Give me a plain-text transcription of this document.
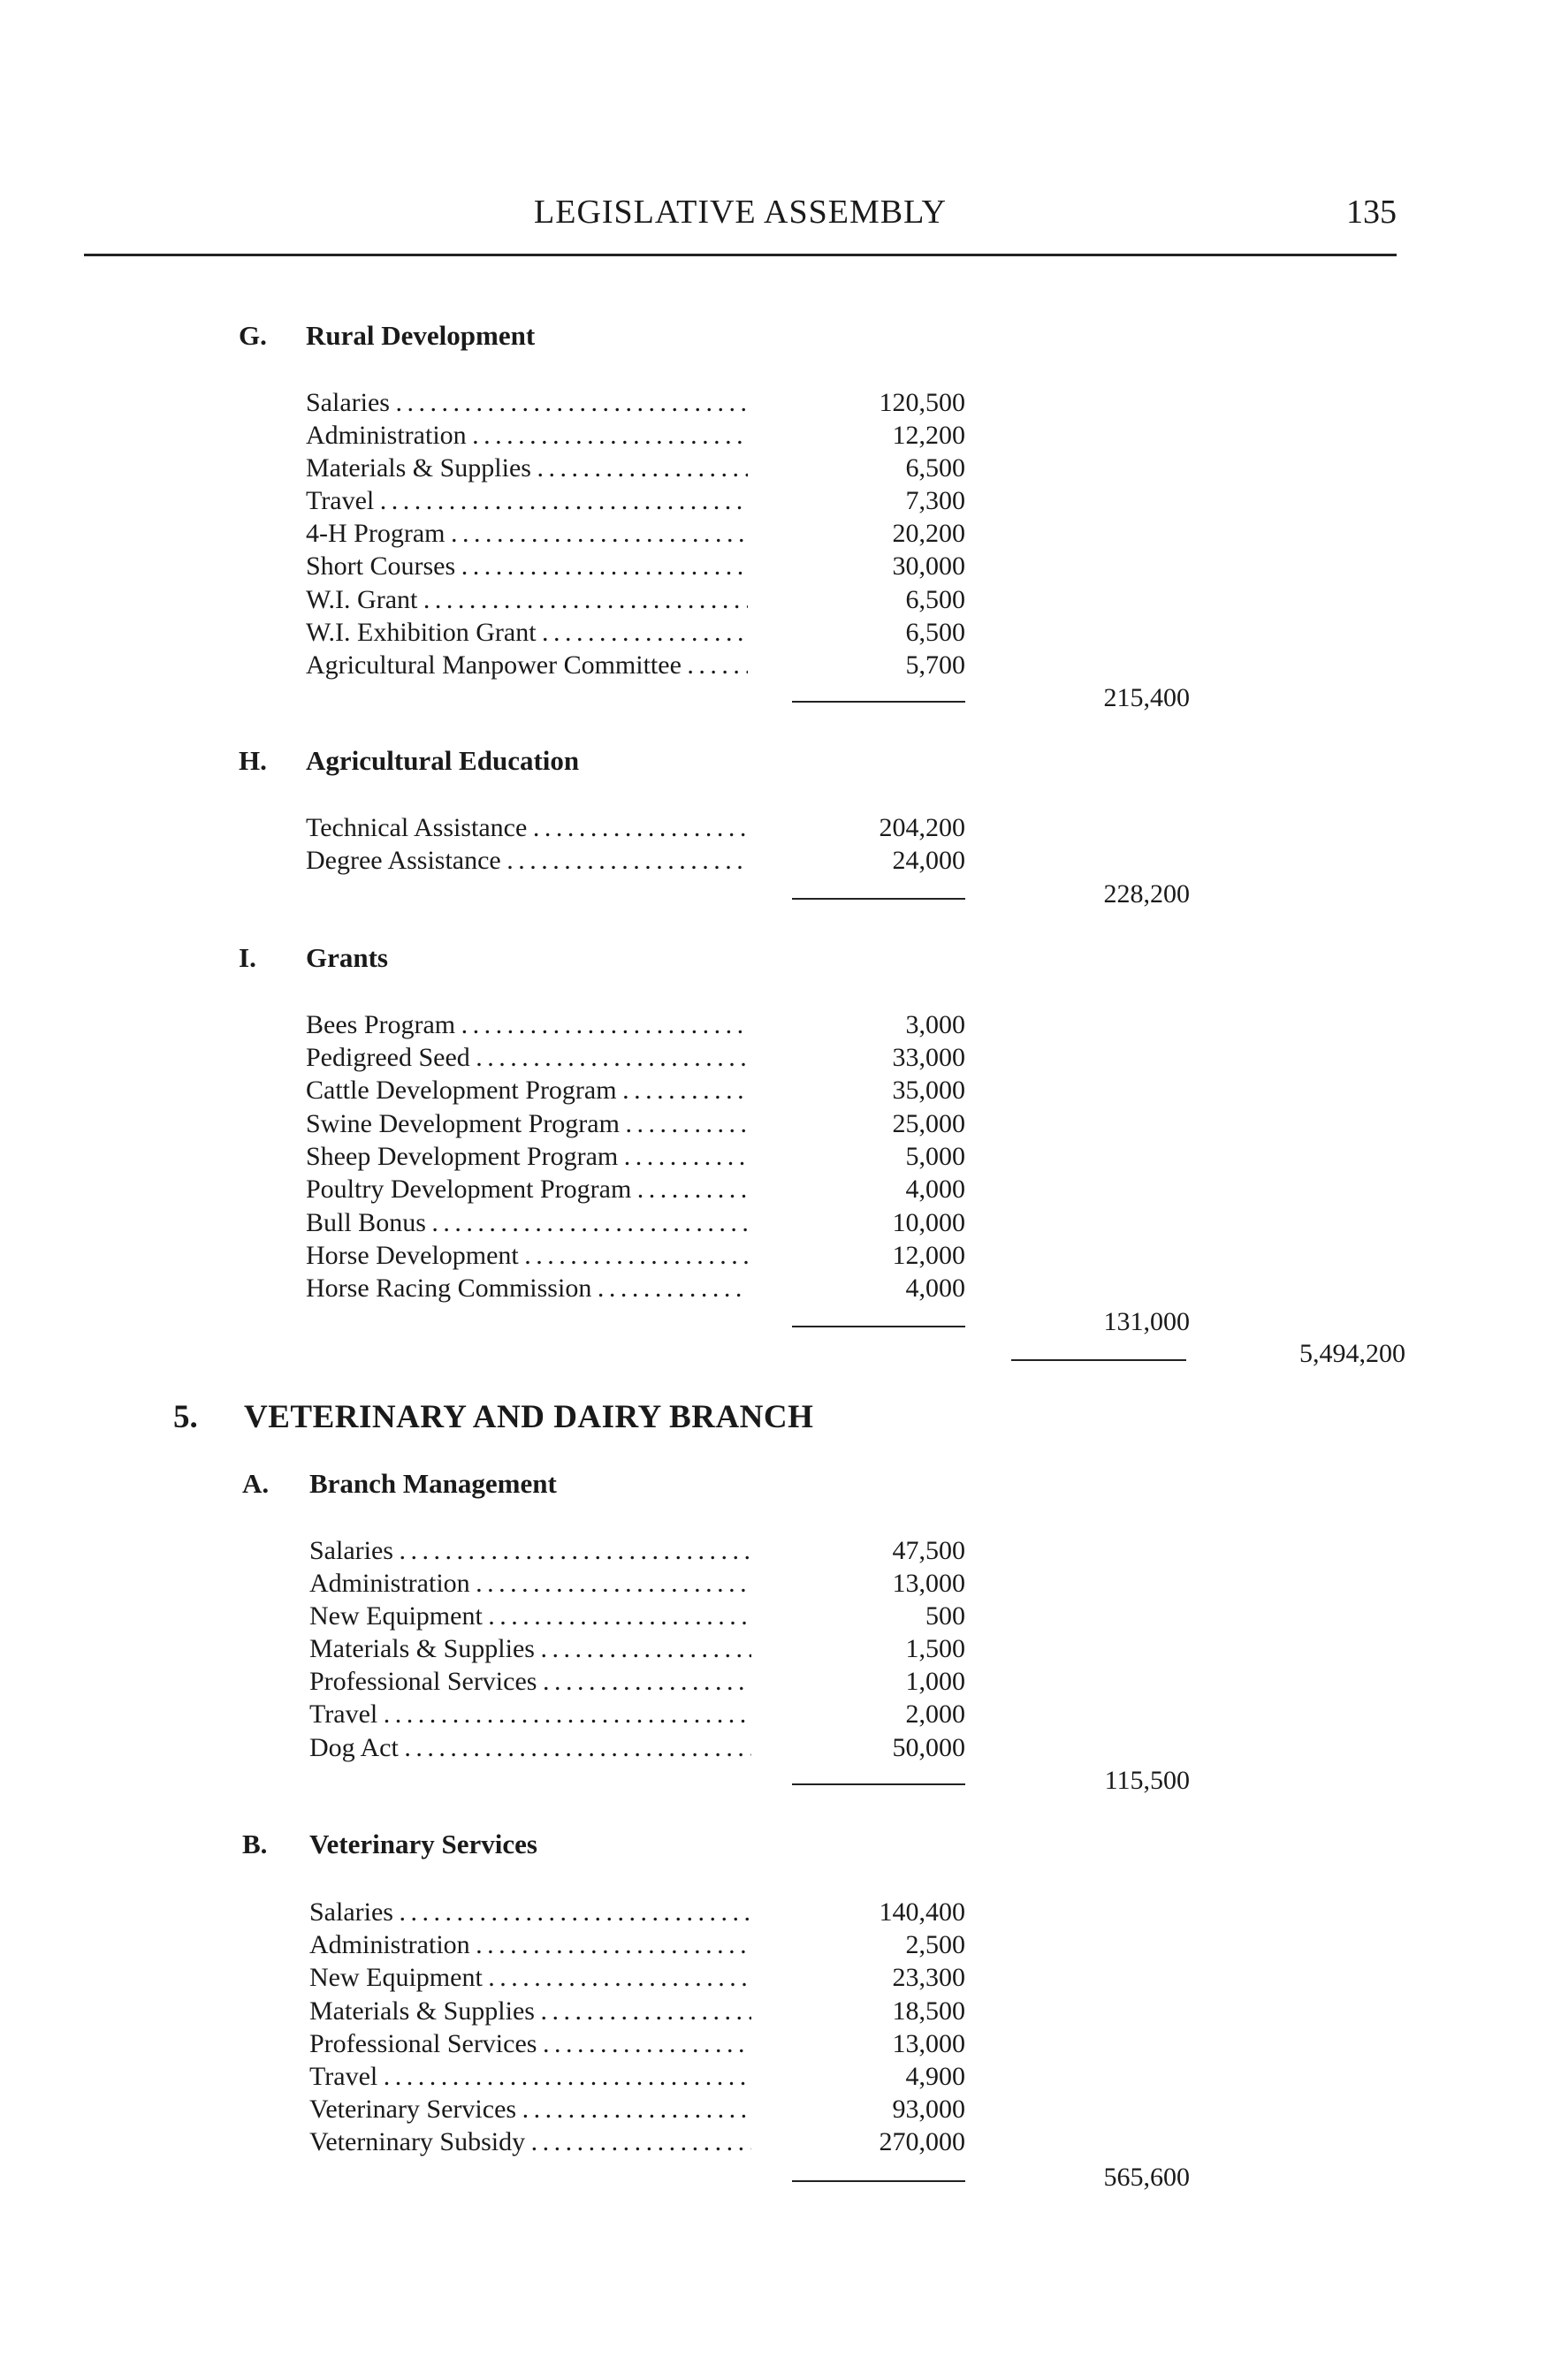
LEGISLATIVE ASSEMBLY	135
G. Rural Development
Salaries . . .	120,500
Administration . . .	12,200
Materials & Supplies . . .	6,500
Travel . . .	7,300
4-H Program . . .	20,200
Short Courses . . .	30,000
W.I. Grant . . .	6,500
W.I. Exhibition Grant . . .	6,500
Agricultural Manpower Committee . . .	5,700
215,400
H. Agricultural Education
Technical Assistance . . .	204,200
Degree Assistance . . .	24,000
228,200
I. Grants
Bees Program . . .	3,000
Pedigreed Seed . . .	33,000
Cattle Development Program . . .	35,000
Swine Development Program . . .	25,000
Sheep Development Program . . .	5,000
Poultry Development Program . . .	4,000
Bull Bonus . . .	10,000
Horse Development . . .	12,000
Horse Racing Commission . . .	4,000
131,000
5,494,200
5. VETERINARY AND DAIRY BRANCH
A. Branch Management
Salaries . . .	47,500
Administration . . .	13,000
New Equipment . . .	500
Materials & Supplies . . .	1,500
Professional Services . . .	1,000
Travel . . .	2,000
Dog Act . . .	50,000
115,500
B. Veterinary Services
Salaries . . .	140,400
Administration . . .	2,500
New Equipment . . .	23,300
Materials & Supplies . . .	18,500
Professional Services . . .	13,000
Travel . . .	4,900
Veterinary Services . . .	93,000
Veterninary Subsidy . . .	270,000
565,600
